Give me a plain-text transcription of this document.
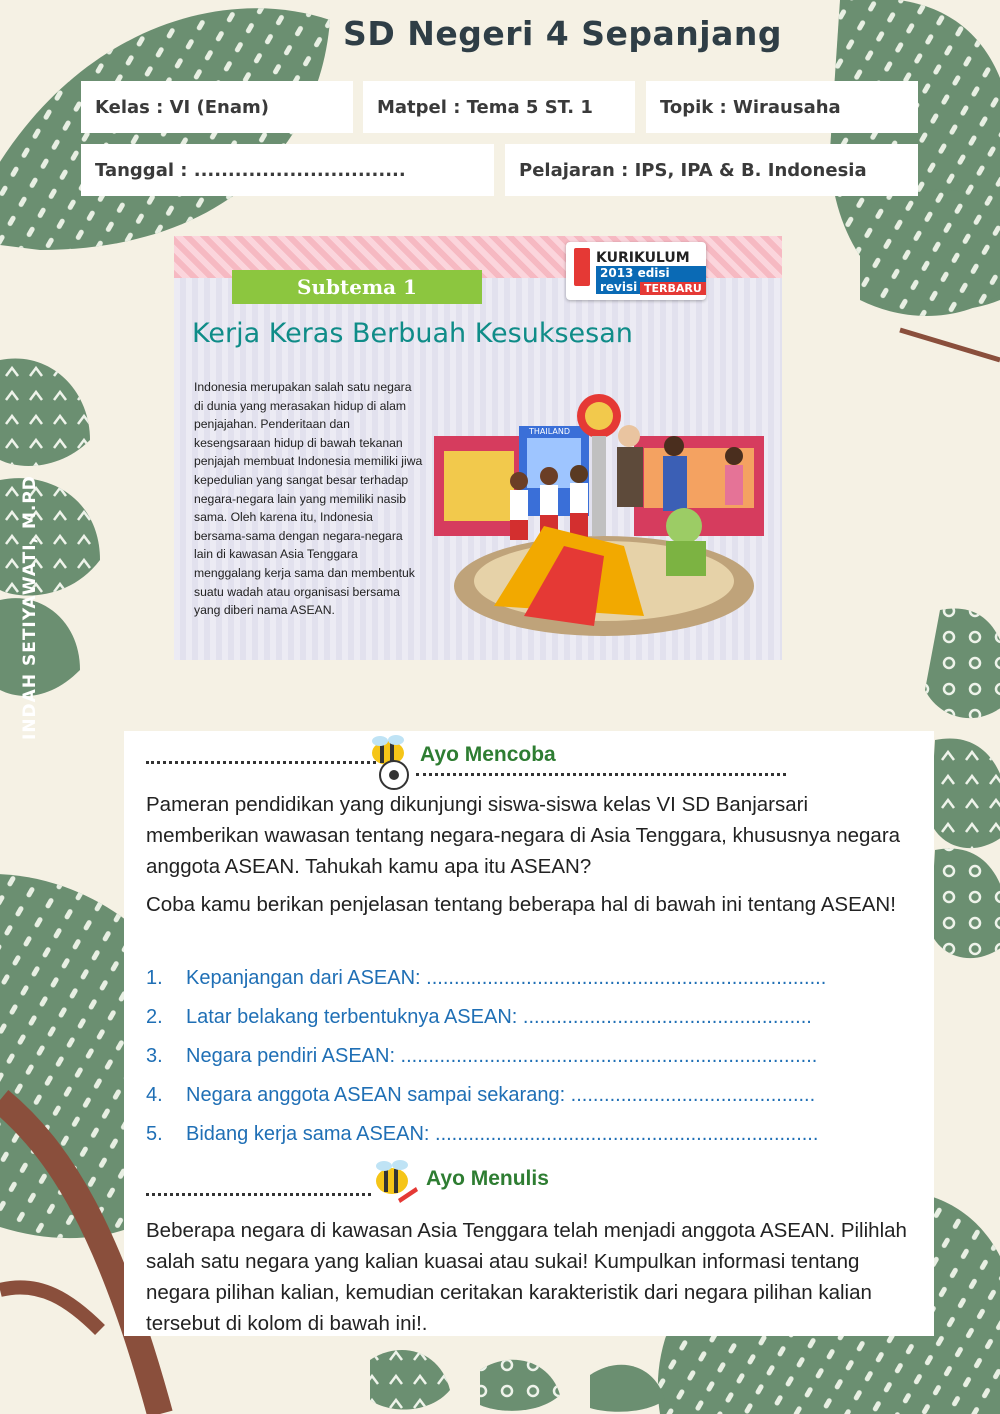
SD Negeri 4 Sepanjang
Kelas : VI (Enam)	Matpel : Tema 5 ST. 1	Topik : Wirausaha
Tanggal : ...............................	Pelajaran : IPS, IPA & B. Indonesia
INDAH SETIYAWATI, M.PD
Subtema 1
KURIKULUM
2013 edisi revisi TERBARU
Kerja Keras Berbuah Kesuksesan
Indonesia merupakan salah satu negara di dunia yang merasakan hidup di alam penjajahan. Penderitaan dan kesengsaraan hidup di bawah tekanan penjajah membuat Indonesia memiliki jiwa kepedulian yang sangat besar terhadap negara-negara lain yang memiliki nasib sama. Oleh karena itu, Indonesia bersama-sama dengan negara-negara lain di kawasan Asia Tenggara menggalang kerja sama dan membentuk suatu wadah atau organisasi bersama yang diberi nama ASEAN.
THAILAND
Ayo Mencoba
Pameran pendidikan yang dikunjungi siswa-siswa kelas VI SD Banjarsari memberikan wawasan tentang negara-negara di Asia Tenggara, khususnya negara anggota ASEAN. Tahukah kamu apa itu ASEAN?
Coba kamu berikan penjelasan tentang beberapa hal di bawah ini tentang ASEAN!
1.	Kepanjangan dari ASEAN: ........................................................................
2.	Latar belakang terbentuknya ASEAN: ....................................................
3.	Negara pendiri ASEAN: ...........................................................................
4.	Negara anggota ASEAN sampai sekarang: ............................................
5.	Bidang kerja sama ASEAN: .....................................................................
Ayo Menulis
Beberapa negara di kawasan Asia Tenggara telah menjadi anggota ASEAN. Pilihlah salah satu negara yang kalian kuasai atau sukai! Kumpulkan informasi tentang negara pilihan kalian, kemudian ceritakan karakteristik dari negara pilihan kalian tersebut di kolom di bawah ini!.
